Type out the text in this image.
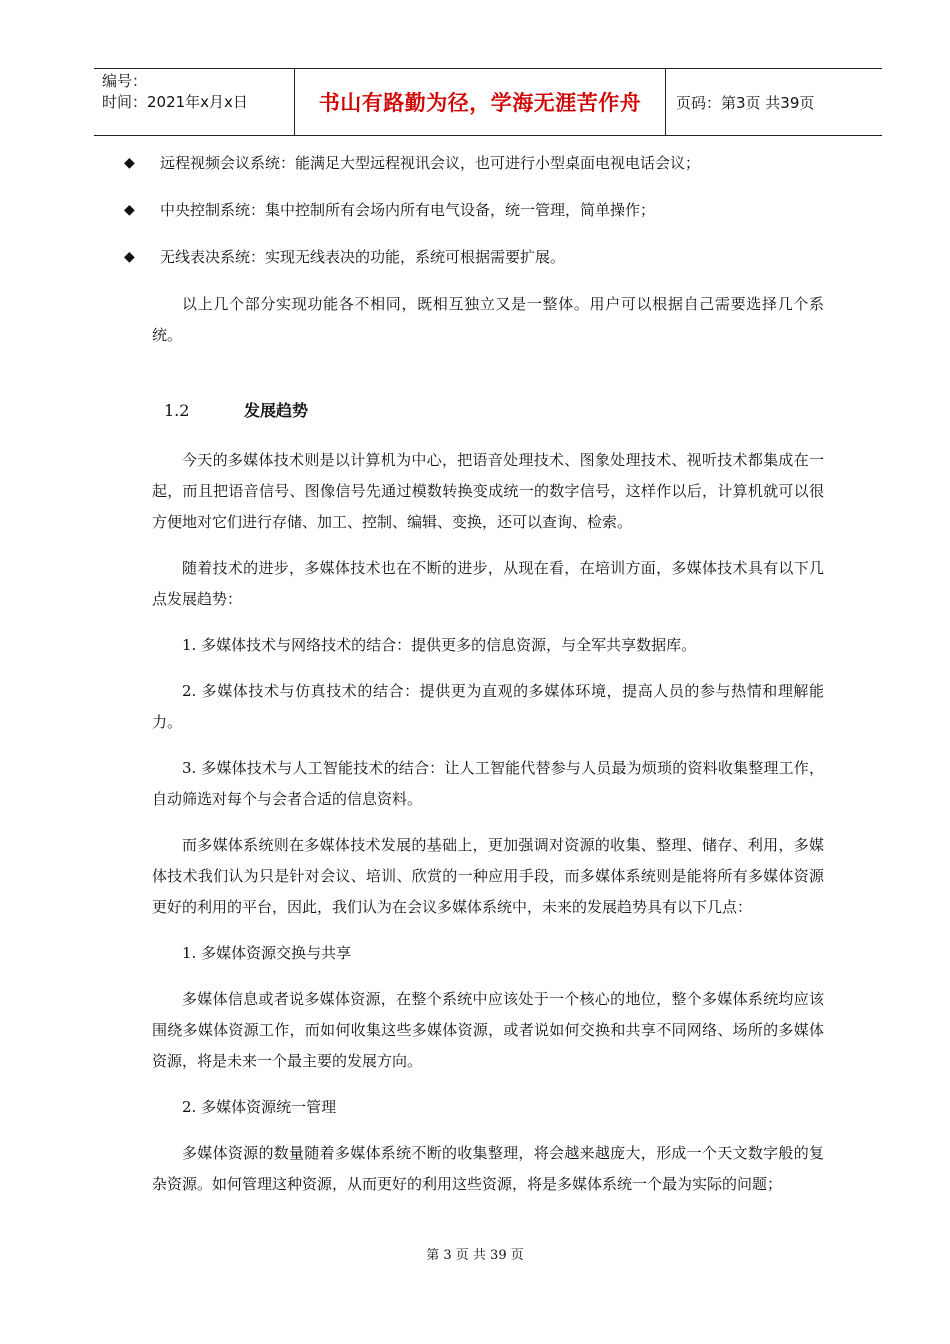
编号：
时间：2021年x月x日	书山有路勤为径，学海无涯苦作舟	页码：第3页 共39页
◆ 远程视频会议系统：能满足大型远程视讯会议，也可进行小型桌面电视电话会议；
◆ 中央控制系统：集中控制所有会场内所有电气设备，统一管理，简单操作；
◆ 无线表决系统：实现无线表决的功能，系统可根据需要扩展。

以上几个部分实现功能各不相同，既相互独立又是一整体。用户可以根据自己需要选择几个系统。

1.2	发展趋势

今天的多媒体技术则是以计算机为中心，把语音处理技术、图象处理技术、视听技术都集成在一起，而且把语音信号、图像信号先通过模数转换变成统一的数字信号，这样作以后，计算机就可以很方便地对它们进行存储、加工、控制、编辑、变换，还可以查询、检索。

随着技术的进步，多媒体技术也在不断的进步，从现在看，在培训方面，多媒体技术具有以下几点发展趋势：

1. 多媒体技术与网络技术的结合：提供更多的信息资源，与全军共享数据库。

2. 多媒体技术与仿真技术的结合：提供更为直观的多媒体环境，提高人员的参与热情和理解能力。

3. 多媒体技术与人工智能技术的结合：让人工智能代替参与人员最为烦琐的资料收集整理工作，自动筛选对每个与会者合适的信息资料。

而多媒体系统则在多媒体技术发展的基础上，更加强调对资源的收集、整理、储存、利用，多媒体技术我们认为只是针对会议、培训、欣赏的一种应用手段，而多媒体系统则是能将所有多媒体资源更好的利用的平台，因此，我们认为在会议多媒体系统中，未来的发展趋势具有以下几点：

1. 多媒体资源交换与共享

多媒体信息或者说多媒体资源，在整个系统中应该处于一个核心的地位，整个多媒体系统均应该围绕多媒体资源工作，而如何收集这些多媒体资源，或者说如何交换和共享不同网络、场所的多媒体资源，将是未来一个最主要的发展方向。

2. 多媒体资源统一管理

多媒体资源的数量随着多媒体系统不断的收集整理，将会越来越庞大，形成一个天文数字般的复杂资源。如何管理这种资源，从而更好的利用这些资源，将是多媒体系统一个最为实际的问题；

第 3 页 共 39 页
